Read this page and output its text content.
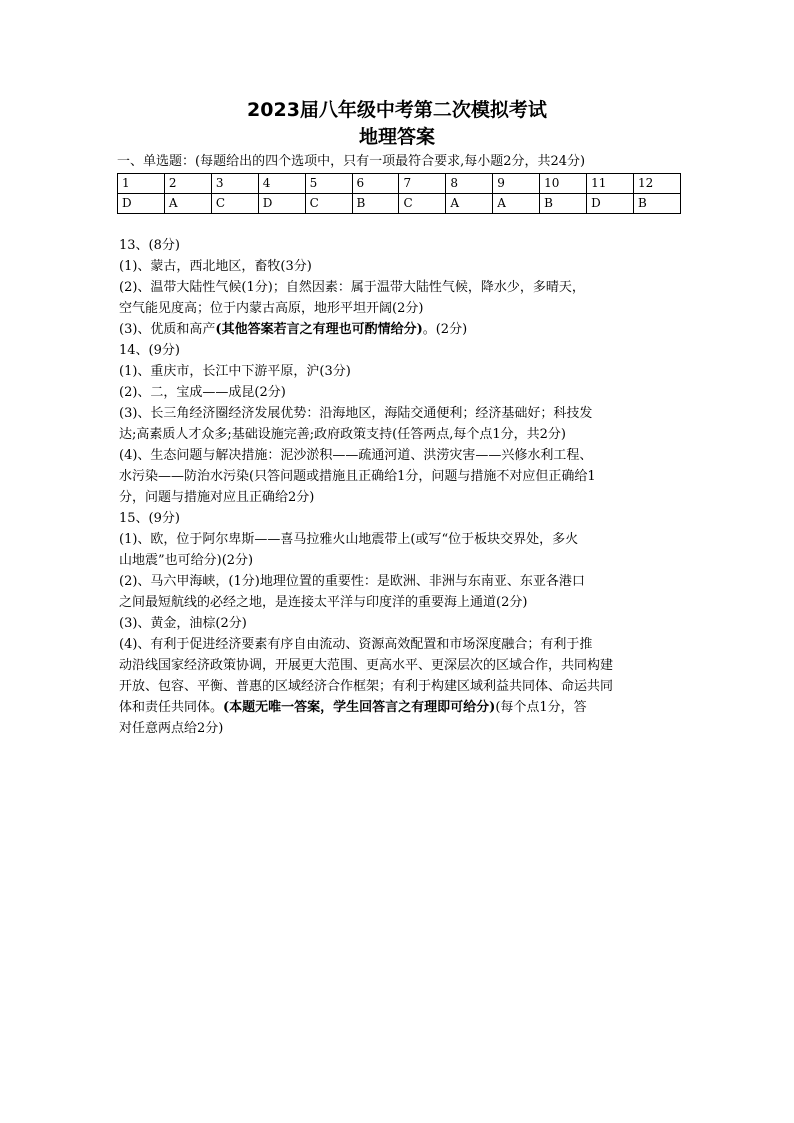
2023届八年级中考第二次模拟考试
地理答案

一、单选题：(每题给出的四个选项中，只有一项最符合要求,每小题2分，共24分)

1	2	3	4	5	6	7	8	9	10	11	12
D	A	C	D	C	B	C	A	A	B	D	B

13、(8分)

(1)、蒙古，西北地区，畜牧(3分)

(2)、温带大陆性气候(1分)；自然因素：属于温带大陆性气候，降水少，多晴天，

空气能见度高；位于内蒙古高原，地形平坦开阔(2分)

(3)、优质和高产(其他答案若言之有理也可酌情给分)。(2分)

14、(9分)

(1)、重庆市，长江中下游平原，沪(3分)

(2)、二，宝成——成昆(2分)

(3)、长三角经济圈经济发展优势：沿海地区，海陆交通便利；经济基础好；科技发

达;高素质人才众多;基础设施完善;政府政策支持(任答两点,每个点1分，共2分)

(4)、生态问题与解决措施：泥沙淤积——疏通河道、洪涝灾害——兴修水利工程、

水污染——防治水污染(只答问题或措施且正确给1分，问题与措施不对应但正确给1

分，问题与措施对应且正确给2分)

15、(9分)

(1)、欧，位于阿尔卑斯——喜马拉雅火山地震带上(或写“位于板块交界处，多火

山地震”也可给分)(2分)

(2)、马六甲海峡，(1分)地理位置的重要性：是欧洲、非洲与东南亚、东亚各港口

之间最短航线的必经之地，是连接太平洋与印度洋的重要海上通道(2分)

(3)、黄金，油棕(2分)

(4)、有利于促进经济要素有序自由流动、资源高效配置和市场深度融合；有利于推

动沿线国家经济政策协调，开展更大范围、更高水平、更深层次的区域合作，共同构建

开放、包容、平衡、普惠的区域经济合作框架；有利于构建区域利益共同体、命运共同

体和责任共同体。(本题无唯一答案，学生回答言之有理即可给分)(每个点1分，答

对任意两点给2分)
